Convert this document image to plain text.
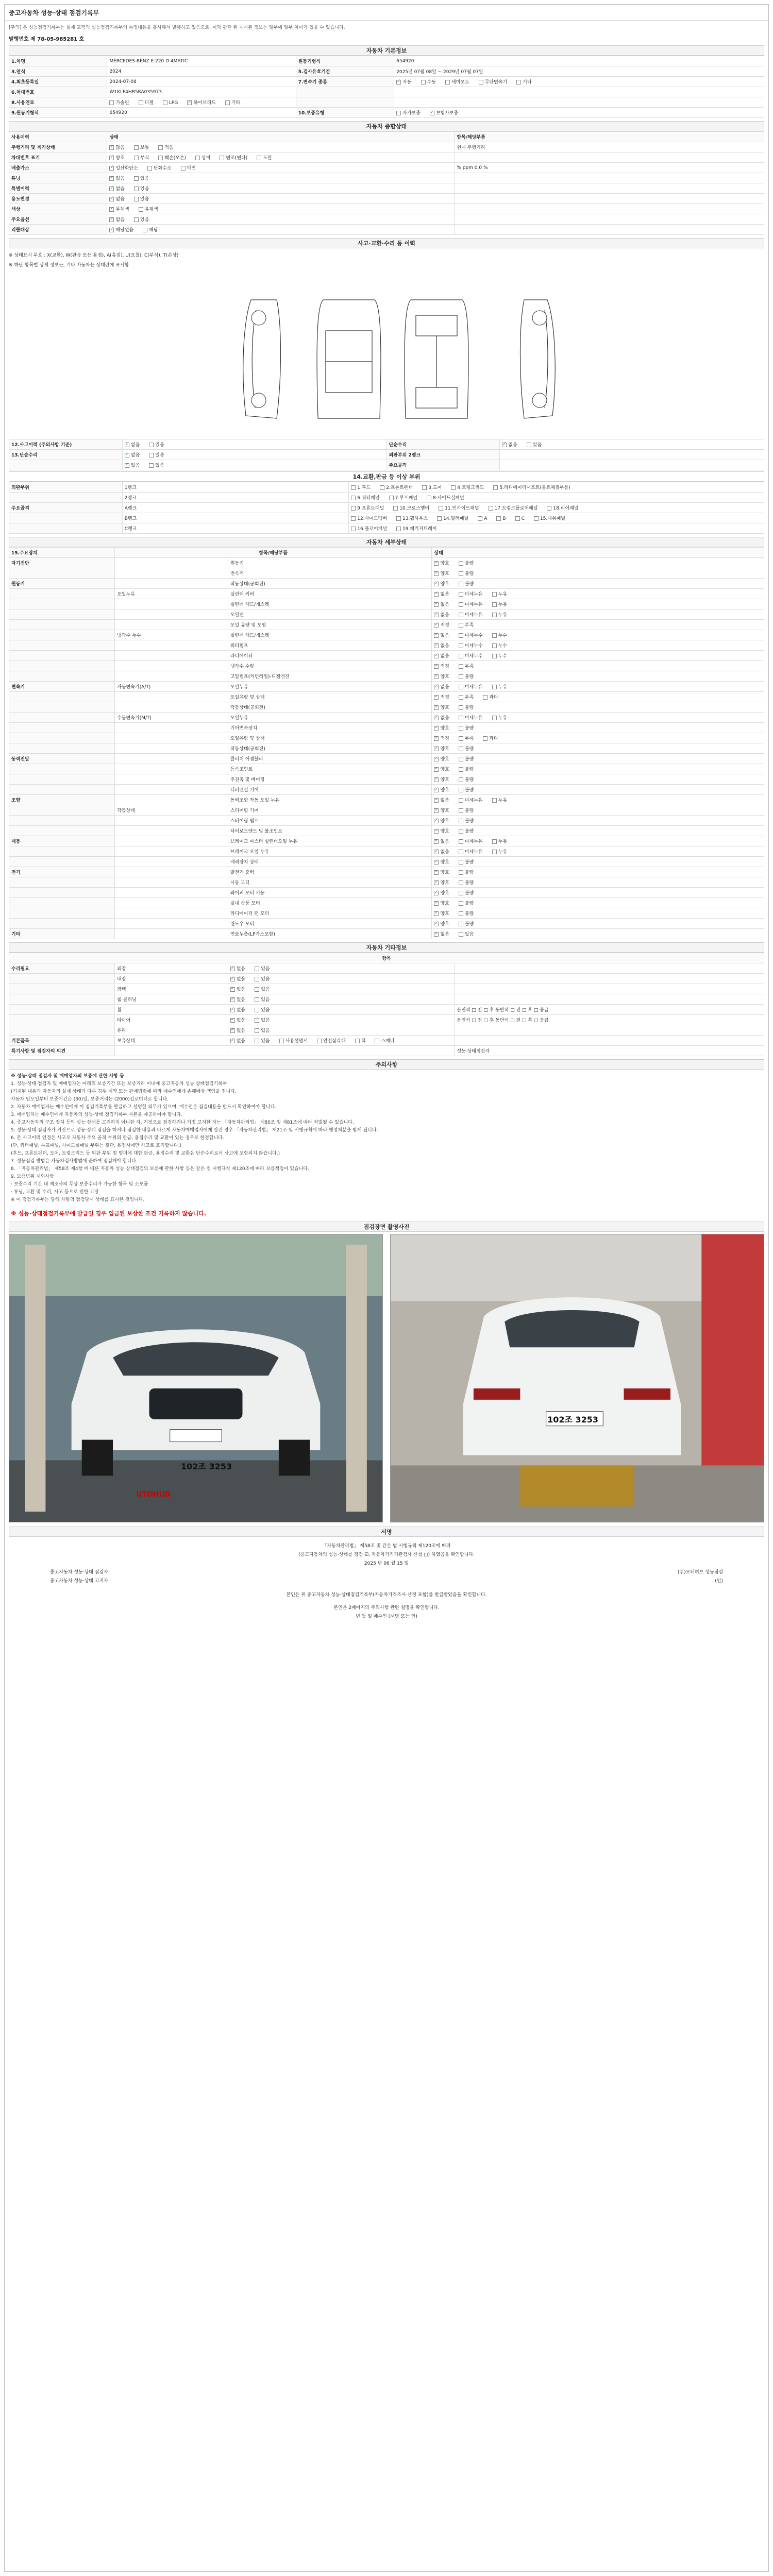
중고자동차 성능·상태 점검기록부
[주의] 본 성능점검기록부는 실제 고객의 성능점검기록부의 특정내용을 흡사해서 발췌하고 있음으로, 이와 관련 된 제시된 정보는 일부에 일부 차이가 있을 수 있습니다.
발행번호 제 78-05-985281 호
자동차 기본정보
1.차명	MERCEDES-BENZ E 220 D 4MATIC	원동기형식	654920
3.연식	2024	5.검사유효기간	2025년 07월 08일 ~ 2029년 07월 07일
4.최초등록일	2024-07-08	7.변속기 종류	✓자동 수동 세미오토 무단변속기 기타
6.차대번호	W1KLF4HB5RA035973		
8.사용연료	가솔린 디젤 LPG ✓ 하이브리드 기타		
9.원동기형식	654920	10.보증유형	자가보증 ✓ 보험사보증
자동차 종합상태
사용이력	상태	항목/해당부품
주행거리 및 계기상태	✓많음 보통 적음	현재 주행거리
차대번호 표기	✓양호 부식 훼손(오손) 상이 변조(변타) 도말	
배출가스	✓일산화탄소 탄화수소 매연	% ppm 0.0 %
튜닝	✓없음 있음	
특별이력	✓없음 있음	
용도변경	✓없음 있음	
색상	✓무채색 유채색	
주요옵션	✓없음 있음	
리콜대상	✓해당없음 해당	
사고·교환·수리 등 이력
※ 상태표시 부호 : X(교환), W(판금 또는 용접), A(흠집), U(요철), C(부식), T(손상)
※ 하단 항목별 상세 정보는, 기타 자동차는 상태란에 표시함
12.사고이력 (주의사항 기준)	✓없음 있음	단순수리	✓없음 있음
13.단순수리	✓없음 있음	외판부위 2랭크	
	✓없음 있음	주요골격	
14.교환,판금 등 이상 부위
외판부위	1랭크	1.후드 2.프론트펜더 3.도어 4.트렁크리드 5.라디에이터서포트(볼트체결부품)
	2랭크	6.쿼터패널 7.루프패널 8.사이드실패널
주요골격	A랭크	9.프론트패널 10.크로스멤버 11.인사이드패널 17.트렁크플로어패널 18.리어패널
	B랭크	12.사이드멤버 13.휠하우스 14.필러패널 A B C 15.대쉬패널
	C랭크	16.플로어패널 19.패키지트레이
자동차 세부상태
15.주요장치	항목/해당부품		상태
자기진단		원동기	✓양호 불량
		변속기	✓양호 불량
원동기		작동상태(공회전)	✓양호 불량
	오일누유	실린더 커버	✓없음 미세누유 누유
		실린더 헤드/개스켓	✓없음 미세누유 누유
		오일팬	✓없음 미세누유 누유
		오일 유량 및 오염	✓적정 부족
	냉각수 누수	실린더 헤드/개스켓	✓없음 미세누수 누수
		워터펌프	✓없음 미세누수 누수
		라디에이터	✓없음 미세누수 누수
		냉각수 수량	✓적정 부족
		고압펌프(커먼레일)-디젤엔진	✓양호 불량
변속기	자동변속기(A/T)	오일누유	✓없음 미세누유 누유
		오일유량 및 상태	✓적정 부족 과다
		작동상태(공회전)	✓양호 불량
	수동변속기(M/T)	오일누유	✓없음 미세누유 누유
		기어변속장치	✓양호 불량
		오일유량 및 상태	✓적정 부족 과다
		작동상태(공회전)	✓양호 불량
동력전달		클러치 어셈블리	✓양호 불량
		등속조인트	✓양호 불량
		추진축 및 베어링	✓양호 불량
		디퍼렌셜 기어	✓양호 불량
조향		동력조향 작동 오일 누유	✓없음 미세누유 누유
	작동상태	스티어링 기어	✓양호 불량
		스티어링 펌프	✓양호 불량
		타이로드엔드 및 볼조인트	✓양호 불량
제동		브레이크 마스터 실린더오일 누유	✓없음 미세누유 누유
		브레이크 오일 누유	✓없음 미세누유 누유
		배력장치 상태	✓양호 불량
전기		발전기 출력	✓양호 불량
		시동 모터	✓양호 불량
		와이퍼 모터 기능	✓양호 불량
		실내 송풍 모터	✓양호 불량
		라디에이터 팬 모터	✓양호 불량
		윈도우 모터	✓양호 불량
기타		연료누출(LP가스포함)	✓없음 있음
자동차 기타정보
항목			
수리필요	외장	✓없음 있음	
	내장	✓없음 있음	
	광택	✓없음 있음	
	룸 클리닝	✓없음 있음	
	휠	✓없음 있음	운전석 □ 전 □ 후 동반석 □ 전 □ 후 □ 응급
	타이어	✓없음 있음	운전석 □ 전 □ 후 동반석 □ 전 □ 후 □ 응급
	유리	✓없음 있음	
기본품목	보유상태	✓없음 있음 사용설명서 안전삼각대 잭 스패너	
특기사항 및 점검자의 의견			성능·상태점검자
주의사항
※ 성능·상태 점검자 및 매매업자의 보증에 관한 사항 등
1. 성능·상태 점검자 및 매매업자는 아래의 보증기간 또는 보증거리 이내에 중고자동차 성능·상태점검기록부
(기재된 내용과 자동차의 실제 상태가 다른 경우 계약 또는 관계법령에 따라 매수인에게 손해배상 책임을 집니다.
자동차 인도일부터 보증기간은 (30)일, 보증거리는 (2000)킬로미터로 합니다.
2. 자동차 매매업자는 매수인에게 이 점검기록부를 발급하고 설명할 의무가 있으며, 매수인은 점검내용을 반드시 확인하여야 합니다.
3. 매매업자는 매수인에게 자동차의 성능·상태 점검기록부 사본을 제공하여야 합니다.
4. 중고자동차의 구조·장치 등의 성능·상태를 고지하지 아니한 자, 거짓으로 점검하거나 거짓 고지한 자는 「자동차관리법」 제80조 및 제81조에 따라 처벌될 수 있습니다.
5. 성능·상태 점검자가 거짓으로 성능·상태 점검을 하거나 점검한 내용과 다르게 자동차매매업자에게 알린 경우 「자동차관리법」 제21조 및 시행규칙에 따라 행정처분을 받게 됩니다.
6. 본 사고이력 인정은 사고로 자동차 주요 골격 부위의 판금, 용접수리 및 교환이 있는 경우로 한정합니다.
(단, 쿼터패널, 루프패널, 사이드실패널 부위는 절단, 용접시에만 사고로 표기합니다.)
(후드, 프론트펜더, 도어, 트렁크리드 등 외판 부위 및 범퍼에 대한 판금, 용접수리 및 교환은 단순수리로서 사고에 포함되지 않습니다.)
7. 성능점검 방법은 자동차검사방법에 준하여 점검해야 합니다.
8. 「자동차관리법」 제58조 제4항 에 따른 자동차 성능·상태점검의 보증에 관한 사항 등은 같은 법 시행규칙 제120조에 따라 보증책임이 있습니다.
9. 보증범위 제외사항
· 보증수리 기간 내 제조사의 무상 보증수리가 가능한 항목 및 소모품
· 튜닝, 교환 및 수리, 사고 등으로 인한 고장
※ 이 점검기록부는 당해 차량의 점검당시 상태를 표시한 것입니다.
※ 성능·상태점검기록부에 발급일 경우 입금된 보상한 조건 기록하지 않습니다.
점검장면 촬영사진
102조 3253
UTOHUB
102조 3253
서명
「자동차관리법」 제58조 및 같은 법 시행규칙 제120조에 따라
(중고자동차의 성능·상태를 점검 ☑, 자동차기기기관검사 신청 □) 하였음을 확인합니다.
2025 년 06 월 15 일
중고자동차 성능·상태 점검자	(주)모터허브 성능점검
중고자동차 성능·상태 고지자	(인)
본인은 위 중고자동차 성능·상태점검기록부(자동차가격조사·산정 포함)를 발급받았음을 확인합니다.
본인은 2페이지의 주의사항 관련 설명을 확인합니다.
년 월 일 매수인 (서명 또는 인)
